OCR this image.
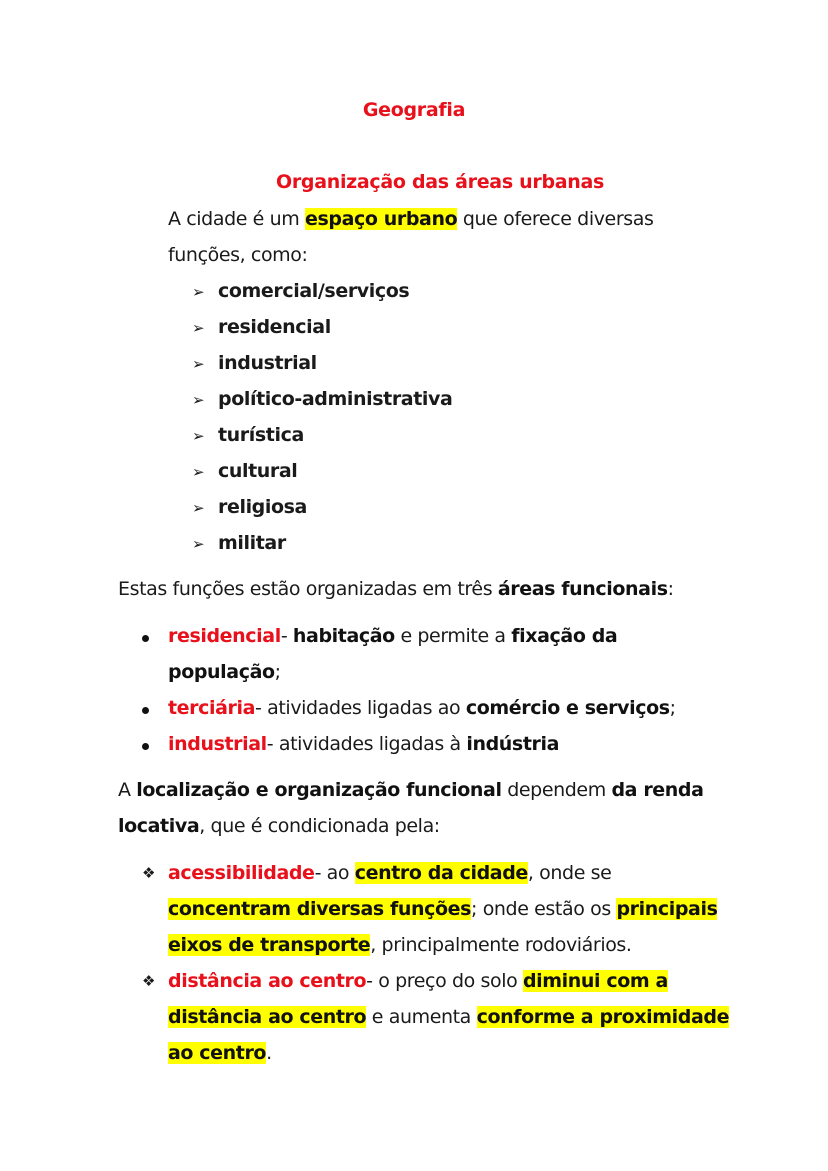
Geografia
Organização das áreas urbanas
A cidade é um espaço urbano que oferece diversas
funções, como:
➢ comercial/serviços
➢ residencial
➢ industrial
➢ político-administrativa
➢ turística
➢ cultural
➢ religiosa
➢ militar
Estas funções estão organizadas em três áreas funcionais:
residencial- habitação e permite a fixação da
população;
terciária- atividades ligadas ao comércio e serviços;
industrial- atividades ligadas à indústria
A localização e organização funcional dependem da renda
locativa, que é condicionada pela:
❖ acessibilidade- ao centro da cidade, onde se
concentram diversas funções; onde estão os principais
eixos de transporte, principalmente rodoviários.
❖ distância ao centro- o preço do solo diminui com a
distância ao centro e aumenta conforme a proximidade
ao centro.
